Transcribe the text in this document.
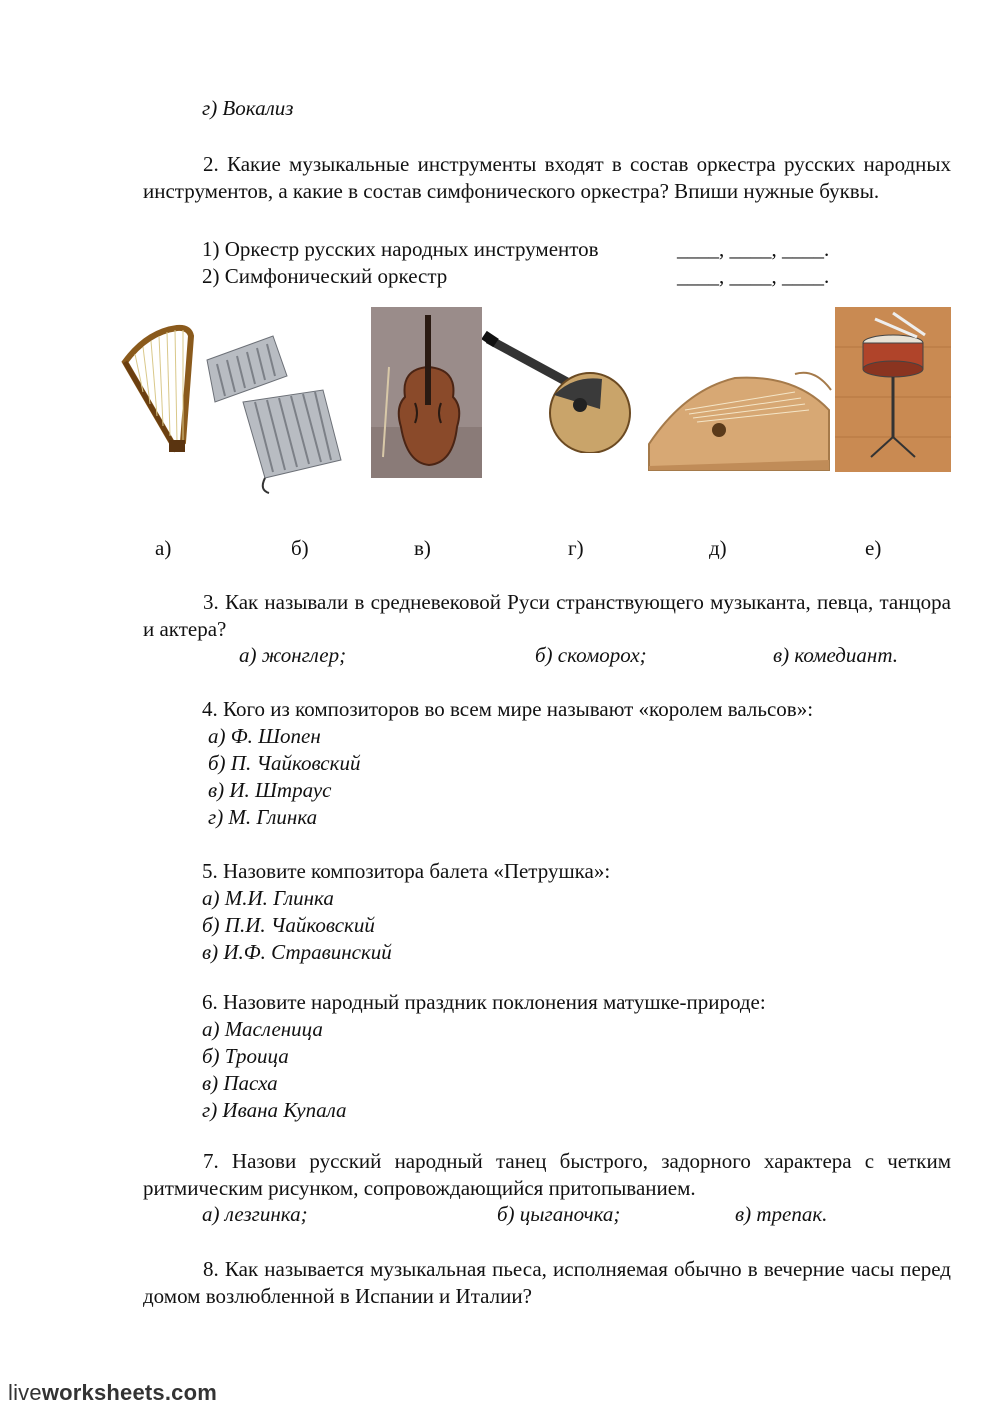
г) Вокализ
2. Какие музыкальные инструменты входят в состав оркестра русских народных инструментов, а какие в состав симфонического оркестра? Впиши нужные буквы.
1) Оркестр русских народных инструментов	____, ____, ____.
2) Симфонический оркестр	____, ____, ____.
а)	б)	в)	г)	д)	е)
3. Как называли в средневековой Руси странствующего музыканта, певца, танцора и актера?
а) жонглер;	б) скоморох;	в) комедиант.
4. Кого из композиторов во всем мире называют «королем вальсов»:
а) Ф. Шопен
б) П. Чайковский
в) И. Штраус
г) М. Глинка
5. Назовите композитора балета «Петрушка»:
а) М.И. Глинка
б) П.И. Чайковский
в) И.Ф. Стравинский
6. Назовите народный праздник поклонения матушке-природе:
а) Масленица
б) Троица
в) Пасха
г) Ивана Купала
7. Назови русский народный танец быстрого, задорного характера с четким ритмическим рисунком, сопровождающийся притопыванием.
а) лезгинка;	б) цыганочка;	в) трепак.
8. Как называется музыкальная пьеса, исполняемая обычно в вечерние часы перед домом возлюбленной в Испании и Италии?
liveworksheets.com
